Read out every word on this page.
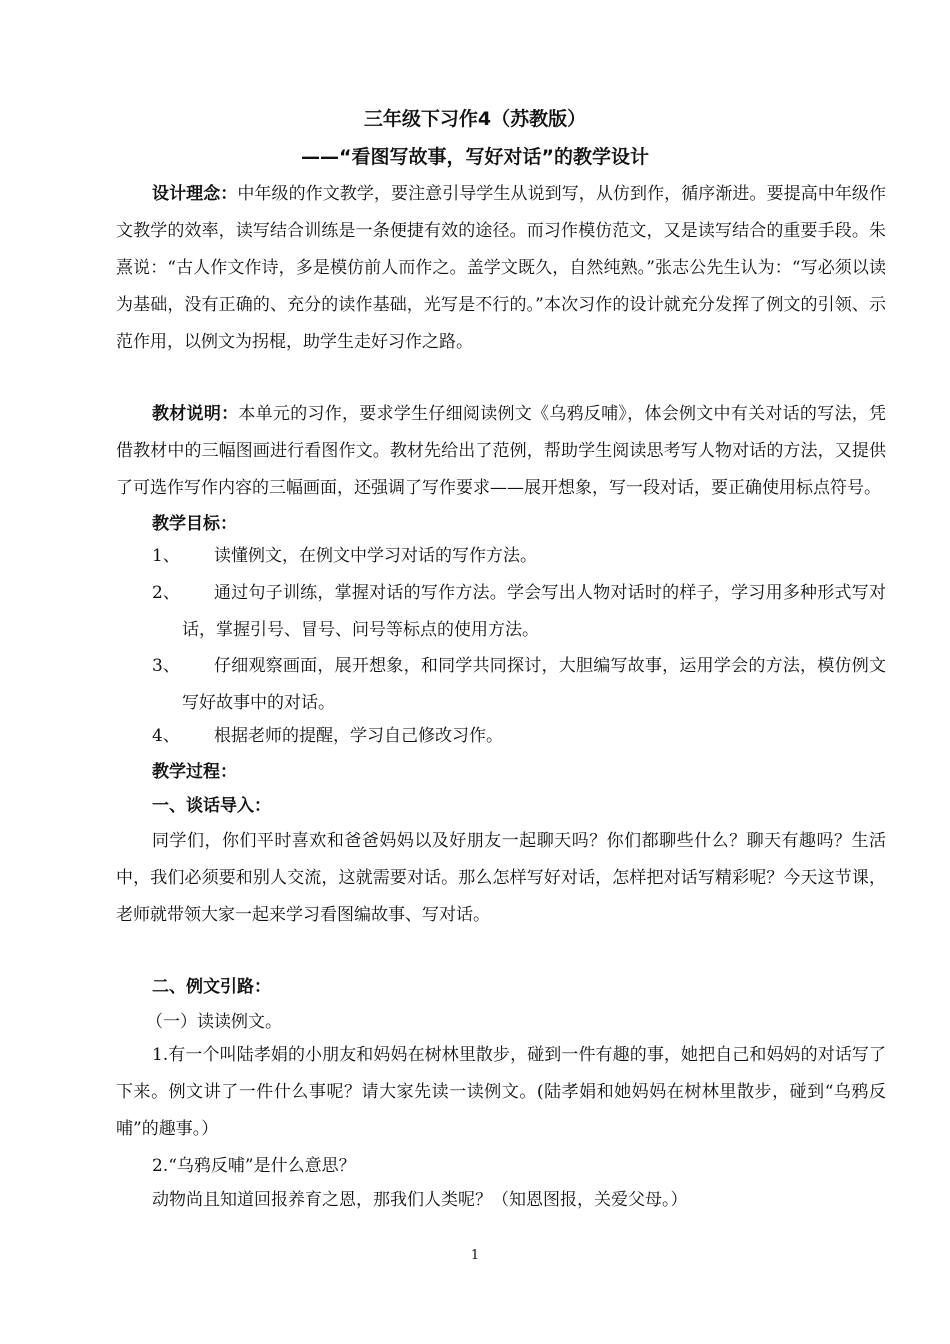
三年级下习作4（苏教版）
——“看图写故事，写好对话”的教学设计

设计理念：中年级的作文教学，要注意引导学生从说到写，从仿到作，循序渐进。要提高中年级作文教学的效率，读写结合训练是一条便捷有效的途径。而习作模仿范文，又是读写结合的重要手段。朱熹说：“古人作文作诗，多是模仿前人而作之。盖学文既久，自然纯熟。”张志公先生认为：“写必须以读为基础，没有正确的、充分的读作基础，光写是不行的。”本次习作的设计就充分发挥了例文的引领、示范作用，以例文为拐棍，助学生走好习作之路。

教材说明：本单元的习作，要求学生仔细阅读例文《乌鸦反哺》，体会例文中有关对话的写法，凭借教材中的三幅图画进行看图作文。教材先给出了范例，帮助学生阅读思考写人物对话的方法，又提供了可选作写作内容的三幅画面，还强调了写作要求——展开想象，写一段对话，要正确使用标点符号。

教学目标：

1、	读懂例文，在例文中学习对话的写作方法。
2、	通过句子训练，掌握对话的写作方法。学会写出人物对话时的样子，学习用多种形式写对话，掌握引号、冒号、问号等标点的使用方法。
3、	仔细观察画面，展开想象，和同学共同探讨，大胆编写故事，运用学会的方法，模仿例文写好故事中的对话。
4、	根据老师的提醒，学习自己修改习作。

教学过程：

一、谈话导入：

同学们，你们平时喜欢和爸爸妈妈以及好朋友一起聊天吗？你们都聊些什么？聊天有趣吗？生活中，我们必须要和别人交流，这就需要对话。那么怎样写好对话，怎样把对话写精彩呢？今天这节课，老师就带领大家一起来学习看图编故事、写对话。

二、例文引路：

（一）读读例文。

1.有一个叫陆孝娟的小朋友和妈妈在树林里散步，碰到一件有趣的事，她把自己和妈妈的对话写了下来。例文讲了一件什么事呢？请大家先读一读例文。(陆孝娟和她妈妈在树林里散步，碰到“乌鸦反哺”的趣事。）

2.“乌鸦反哺”是什么意思？

动物尚且知道回报养育之恩，那我们人类呢？（知恩图报，关爱父母。）

1
